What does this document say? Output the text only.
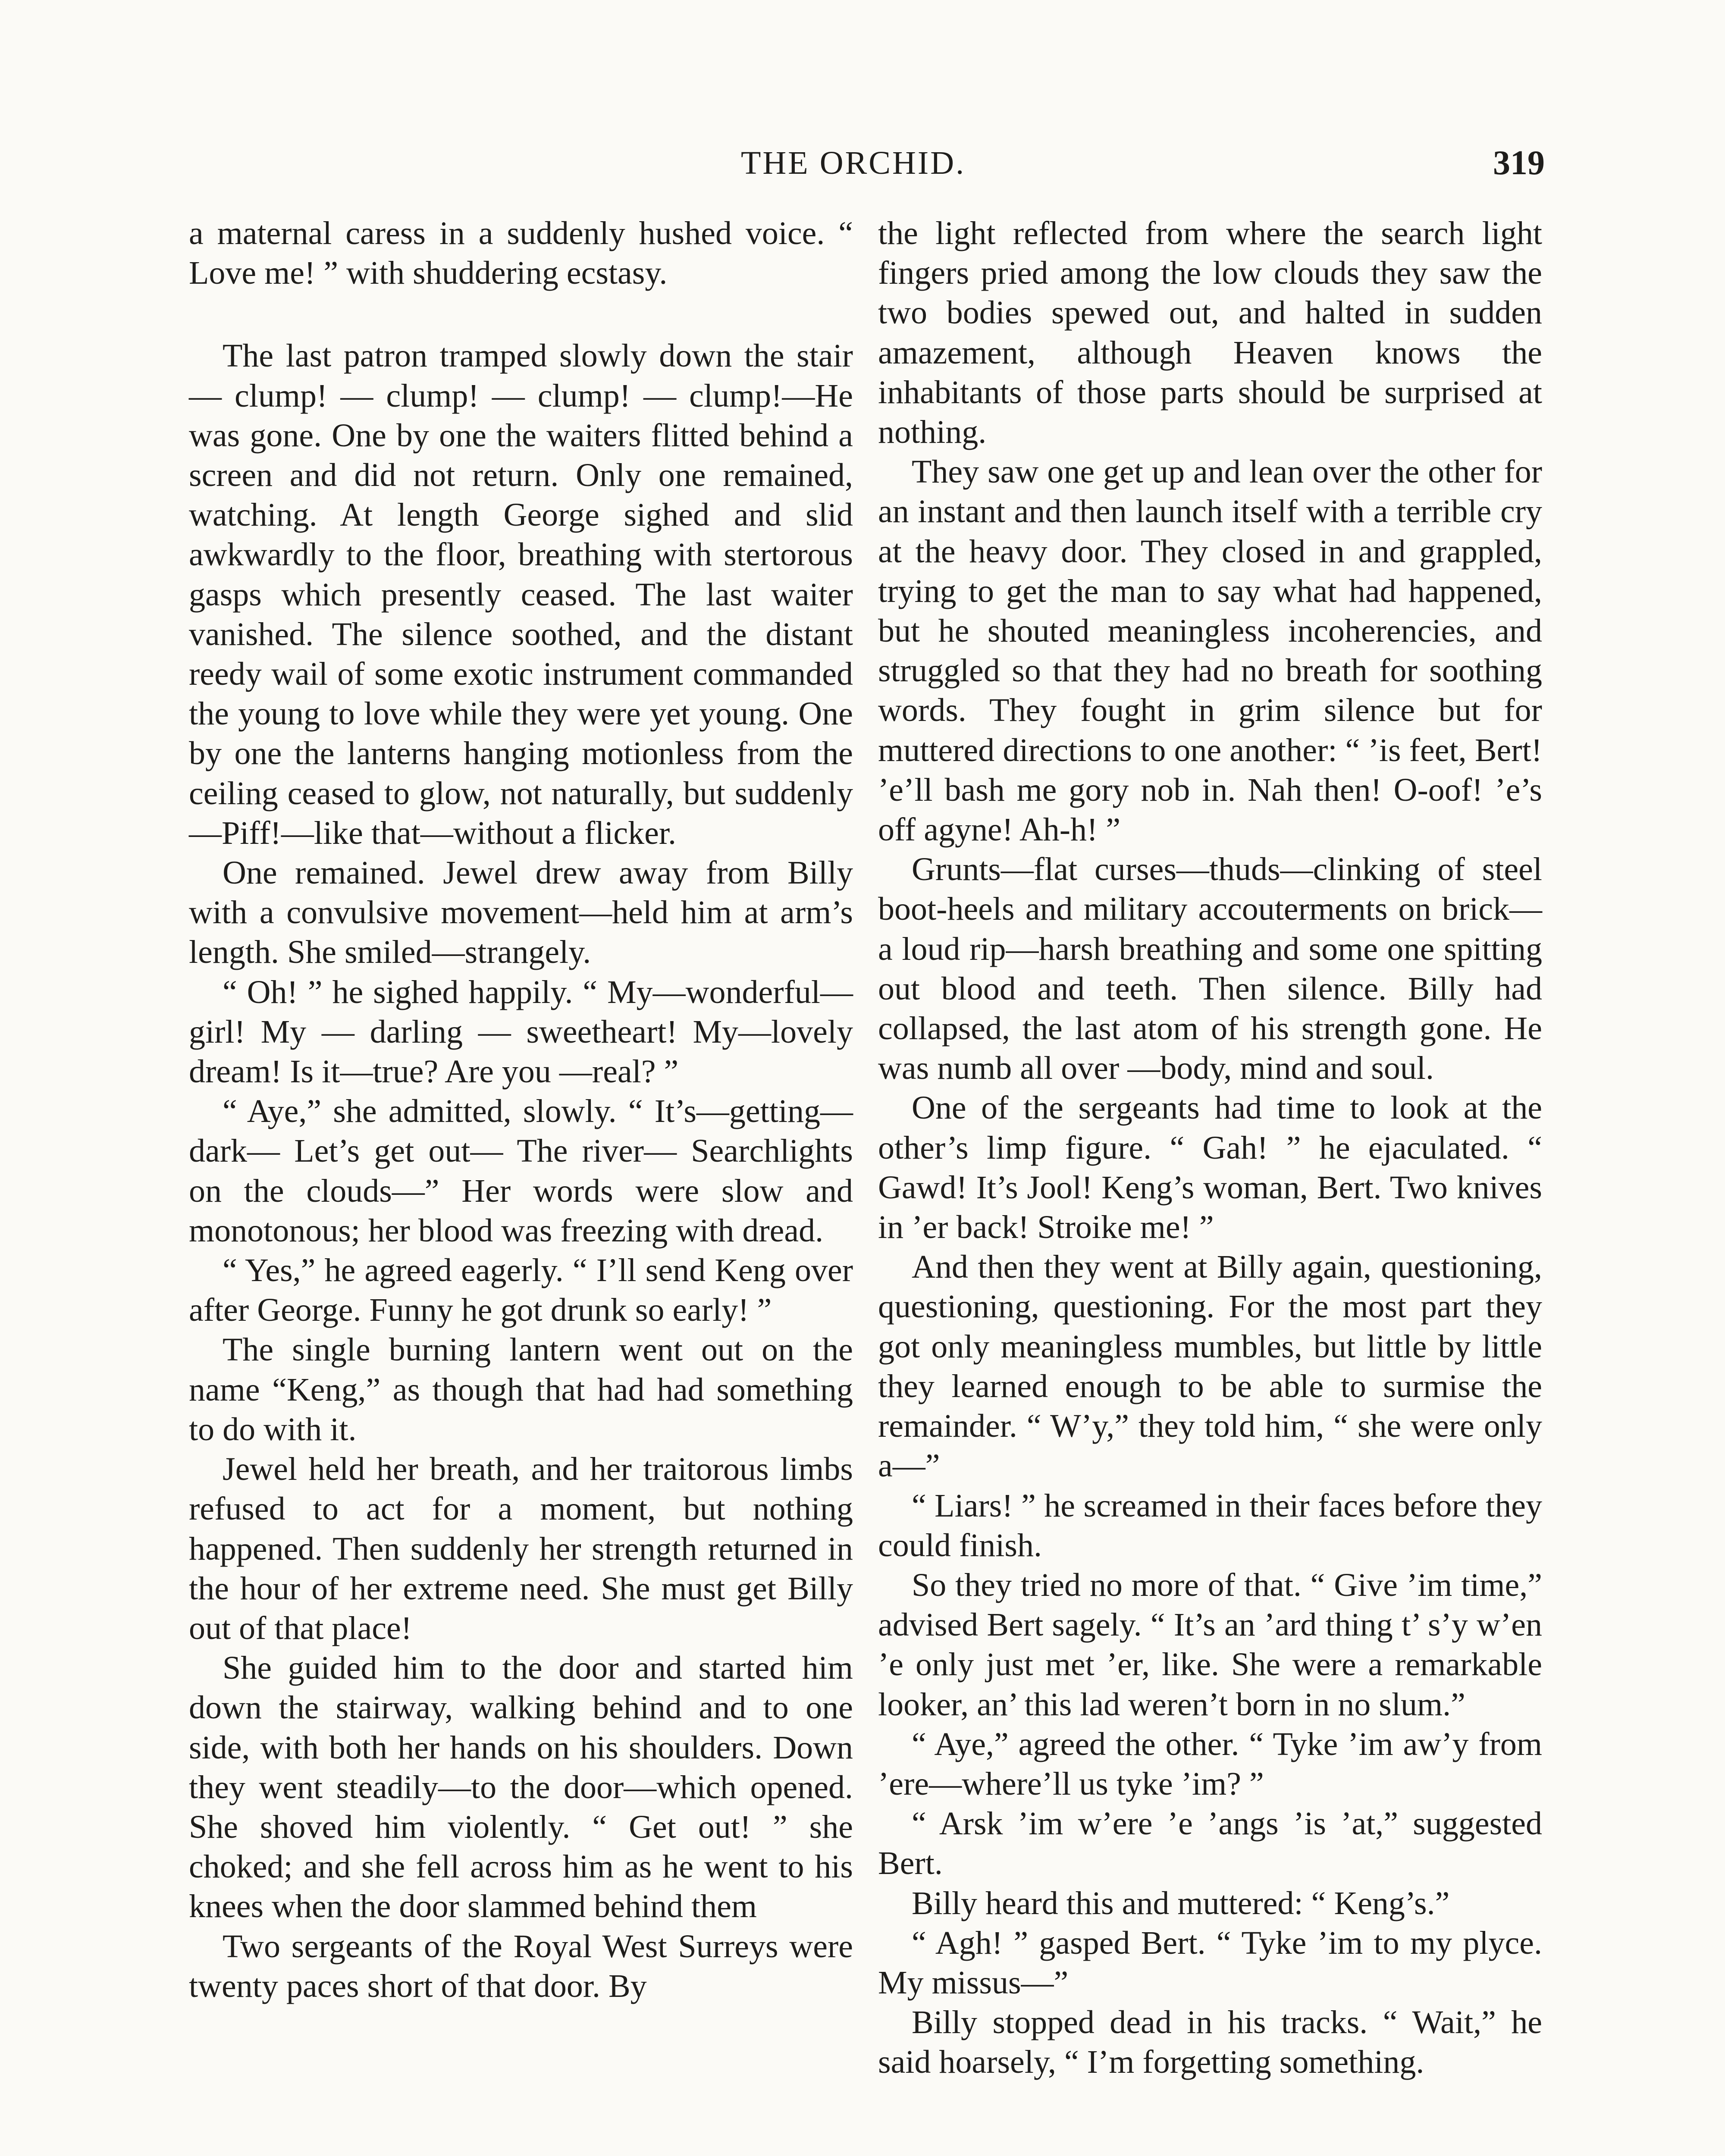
THE ORCHID.	319

a maternal caress in a suddenly hushed voice. “ Love me! ” with shuddering ecstasy.

The last patron tramped slowly down the stair — clump! — clump! — clump! — clump!—He was gone. One by one the waiters flitted behind a screen and did not return. Only one remained, watching. At length George sighed and slid awkwardly to the floor, breathing with stertorous gasps which presently ceased. The last waiter vanished. The silence soothed, and the distant reedy wail of some exotic instrument commanded the young to love while they were yet young. One by one the lanterns hanging motionless from the ceiling ceased to glow, not naturally, but suddenly—Piff!—like that—without a flicker.

One remained. Jewel drew away from Billy with a convulsive movement—held him at arm’s length. She smiled—strangely.

“ Oh! ” he sighed happily. “ My—wonderful—girl! My — darling — sweetheart! My—lovely dream! Is it—true? Are you —real? ”

“ Aye,” she admitted, slowly. “ It’s—getting—dark— Let’s get out— The river— Searchlights on the clouds—” Her words were slow and monotonous; her blood was freezing with dread.

“ Yes,” he agreed eagerly. “ I’ll send Keng over after George. Funny he got drunk so early! ”

The single burning lantern went out on the name “Keng,” as though that had had something to do with it.

Jewel held her breath, and her traitorous limbs refused to act for a moment, but nothing happened. Then suddenly her strength returned in the hour of her extreme need. She must get Billy out of that place!

She guided him to the door and started him down the stairway, walking behind and to one side, with both her hands on his shoulders. Down they went steadily—to the door—which opened. She shoved him violently. “ Get out! ” she choked; and she fell across him as he went to his knees when the door slammed behind them

Two sergeants of the Royal West Surreys were twenty paces short of that door. By

the light reflected from where the search light fingers pried among the low clouds they saw the two bodies spewed out, and halted in sudden amazement, although Heaven knows the inhabitants of those parts should be surprised at nothing.

They saw one get up and lean over the other for an instant and then launch itself with a terrible cry at the heavy door. They closed in and grappled, trying to get the man to say what had happened, but he shouted meaningless incoherencies, and struggled so that they had no breath for soothing words. They fought in grim silence but for muttered directions to one another: “ ’is feet, Bert! ’e’ll bash me gory nob in. Nah then! O-oof! ’e’s off agyne! Ah-h! ”

Grunts—flat curses—thuds—clinking of steel boot-heels and military accouterments on brick—a loud rip—harsh breathing and some one spitting out blood and teeth. Then silence. Billy had collapsed, the last atom of his strength gone. He was numb all over —body, mind and soul.

One of the sergeants had time to look at the other’s limp figure. “ Gah! ” he ejaculated. “ Gawd! It’s Jool! Keng’s woman, Bert. Two knives in ’er back! Stroike me! ”

And then they went at Billy again, questioning, questioning, questioning. For the most part they got only meaningless mumbles, but little by little they learned enough to be able to surmise the remainder. “ W’y,” they told him, “ she were only a—”

“ Liars! ” he screamed in their faces before they could finish.

So they tried no more of that. “ Give ’im time,” advised Bert sagely. “ It’s an ’ard thing t’ s’y w’en ’e only just met ’er, like. She were a remarkable looker, an’ this lad weren’t born in no slum.”

“ Aye,” agreed the other. “ Tyke ’im aw’y from ’ere—where’ll us tyke ’im? ”

“ Arsk ’im w’ere ’e ’angs ’is ’at,” suggested Bert.

Billy heard this and muttered: “ Keng’s.”

“ Agh! ” gasped Bert. “ Tyke ’im to my plyce. My missus—”

Billy stopped dead in his tracks. “ Wait,” he said hoarsely, “ I’m forgetting something.
